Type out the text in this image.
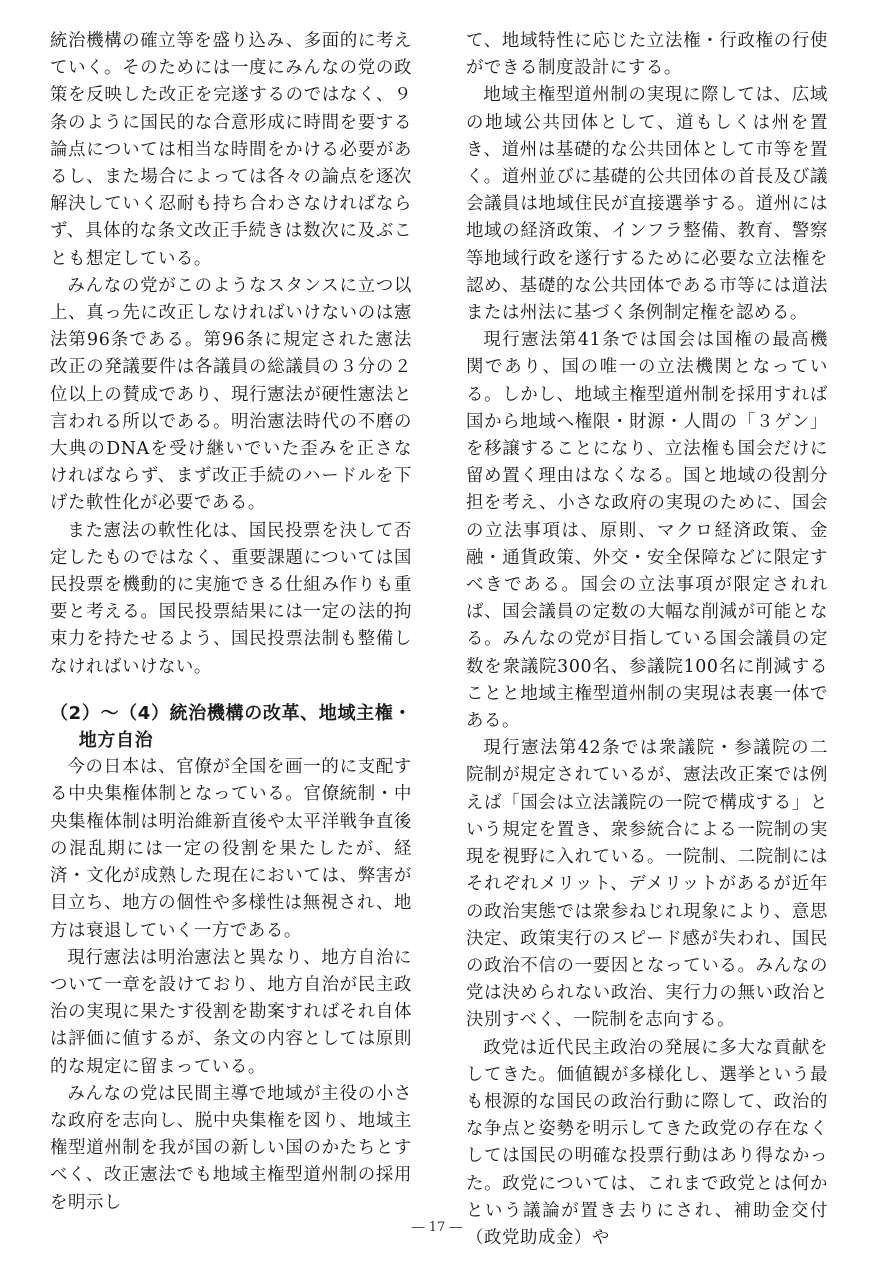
統治機構の確立等を盛り込み、多面的に考えていく。そのためには一度にみんなの党の政策を反映した改正を完遂するのではなく、９条のように国民的な合意形成に時間を要する論点については相当な時間をかける必要があるし、また場合によっては各々の論点を逐次解決していく忍耐も持ち合わさなければならず、具体的な条文改正手続きは数次に及ぶことも想定している。

みんなの党がこのようなスタンスに立つ以上、真っ先に改正しなければいけないのは憲法第96条である。第96条に規定された憲法改正の発議要件は各議員の総議員の３分の２位以上の賛成であり、現行憲法が硬性憲法と言われる所以である。明治憲法時代の不磨の大典のDNAを受け継いでいた歪みを正さなければならず、まず改正手続のハードルを下げた軟性化が必要である。

また憲法の軟性化は、国民投票を決して否定したものではなく、重要課題については国民投票を機動的に実施できる仕組み作りも重要と考える。国民投票結果には一定の法的拘束力を持たせるよう、国民投票法制も整備しなければいけない。

（2）～（4）統治機構の改革、地域主権・地方自治

今の日本は、官僚が全国を画一的に支配する中央集権体制となっている。官僚統制・中央集権体制は明治維新直後や太平洋戦争直後の混乱期には一定の役割を果たしたが、経済・文化が成熟した現在においては、弊害が目立ち、地方の個性や多様性は無視され、地方は衰退していく一方である。

現行憲法は明治憲法と異なり、地方自治について一章を設けており、地方自治が民主政治の実現に果たす役割を勘案すればそれ自体は評価に値するが、条文の内容としては原則的な規定に留まっている。

みんなの党は民間主導で地域が主役の小さな政府を志向し、脱中央集権を図り、地域主権型道州制を我が国の新しい国のかたちとすべく、改正憲法でも地域主権型道州制の採用を明示し

て、地域特性に応じた立法権・行政権の行使ができる制度設計にする。

地域主権型道州制の実現に際しては、広域の地域公共団体として、道もしくは州を置き、道州は基礎的な公共団体として市等を置く。道州並びに基礎的公共団体の首長及び議会議員は地域住民が直接選挙する。道州には地域の経済政策、インフラ整備、教育、警察等地域行政を遂行するために必要な立法権を認め、基礎的な公共団体である市等には道法または州法に基づく条例制定権を認める。

現行憲法第41条では国会は国権の最高機関であり、国の唯一の立法機関となっている。しかし、地域主権型道州制を採用すれば国から地域へ権限・財源・人間の「３ゲン」を移譲することになり、立法権も国会だけに留め置く理由はなくなる。国と地域の役割分担を考え、小さな政府の実現のために、国会の立法事項は、原則、マクロ経済政策、金融・通貨政策、外交・安全保障などに限定すべきである。国会の立法事項が限定されれば、国会議員の定数の大幅な削減が可能となる。みんなの党が目指している国会議員の定数を衆議院300名、参議院100名に削減することと地域主権型道州制の実現は表裏一体である。

現行憲法第42条では衆議院・参議院の二院制が規定されているが、憲法改正案では例えば「国会は立法議院の一院で構成する」という規定を置き、衆参統合による一院制の実現を視野に入れている。一院制、二院制にはそれぞれメリット、デメリットがあるが近年の政治実態では衆参ねじれ現象により、意思決定、政策実行のスピード感が失われ、国民の政治不信の一要因となっている。みんなの党は決められない政治、実行力の無い政治と決別すべく、一院制を志向する。

政党は近代民主政治の発展に多大な貢献をしてきた。価値観が多様化し、選挙という最も根源的な国民の政治行動に際して、政治的な争点と姿勢を明示してきた政党の存在なくしては国民の明確な投票行動はあり得なかった。政党については、これまで政党とは何かという議論が置き去りにされ、補助金交付（政党助成金）や

― 17 ―
